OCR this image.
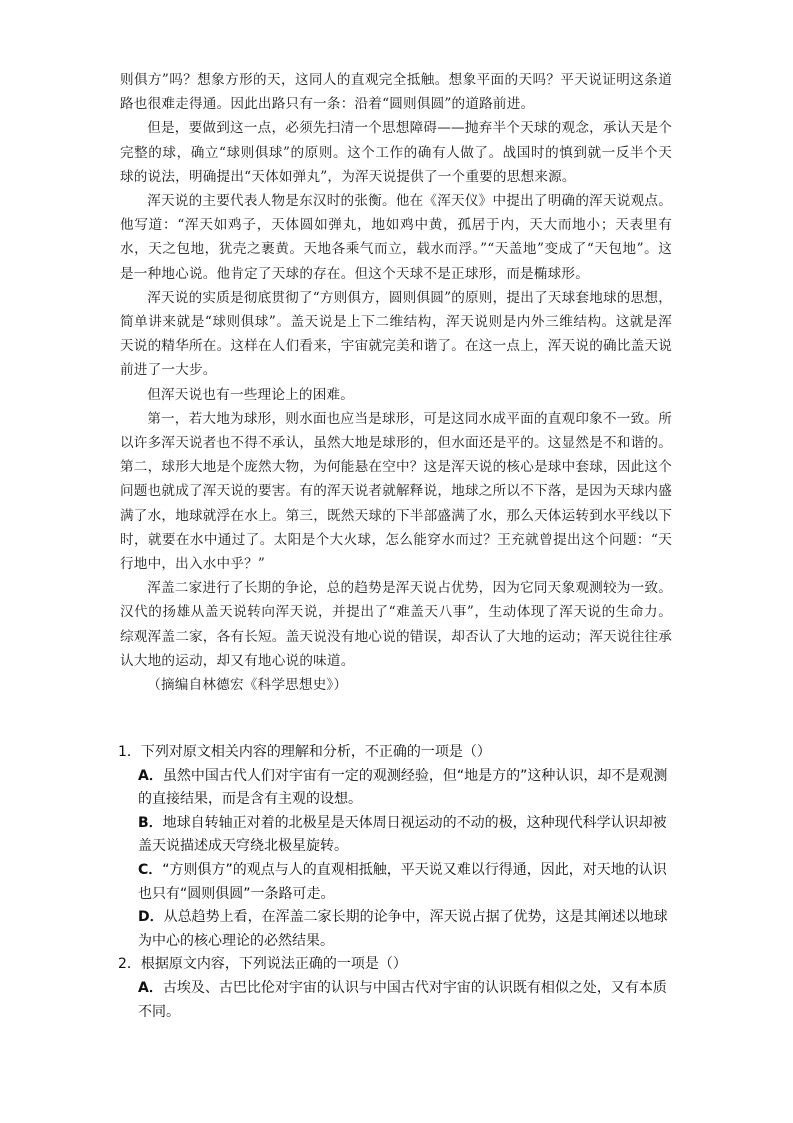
则俱方”吗？想象方形的天，这同人的直观完全抵触。想象平面的天吗？平天说证明这条道路也很难走得通。因此出路只有一条：沿着“圆则俱圆”的道路前进。

但是，要做到这一点，必须先扫清一个思想障碍——抛弃半个天球的观念，承认天是个完整的球，确立“球则俱球”的原则。这个工作的确有人做了。战国时的慎到就一反半个天球的说法，明确提出“天体如弹丸”，为浑天说提供了一个重要的思想来源。

浑天说的主要代表人物是东汉时的张衡。他在《浑天仪》中提出了明确的浑天说观点。他写道：“浑天如鸡子，天体圆如弹丸，地如鸡中黄，孤居于内，天大而地小；天表里有水，天之包地，犹壳之裹黄。天地各乘气而立，载水而浮。”“天盖地”变成了“天包地”。这是一种地心说。他肯定了天球的存在。但这个天球不是正球形，而是椭球形。

浑天说的实质是彻底贯彻了“方则俱方，圆则俱圆”的原则，提出了天球套地球的思想，简单讲来就是“球则俱球”。盖天说是上下二维结构，浑天说则是内外三维结构。这就是浑天说的精华所在。这样在人们看来，宇宙就完美和谐了。在这一点上，浑天说的确比盖天说前进了一大步。

但浑天说也有一些理论上的困难。

第一，若大地为球形，则水面也应当是球形，可是这同水成平面的直观印象不一致。所以许多浑天说者也不得不承认，虽然大地是球形的，但水面还是平的。这显然是不和谐的。第二，球形大地是个庞然大物，为何能悬在空中？这是浑天说的核心是球中套球，因此这个问题也就成了浑天说的要害。有的浑天说者就解释说，地球之所以不下落，是因为天球内盛满了水，地球就浮在水上。第三，既然天球的下半部盛满了水，那么天体运转到水平线以下时，就要在水中通过了。太阳是个大火球，怎么能穿水而过？王充就曾提出这个问题：“天行地中，出入水中乎？”

浑盖二家进行了长期的争论，总的趋势是浑天说占优势，因为它同天象观测较为一致。汉代的扬雄从盖天说转向浑天说，并提出了“难盖天八事”，生动体现了浑天说的生命力。综观浑盖二家，各有长短。盖天说没有地心说的错误，却否认了大地的运动；浑天说往往承认大地的运动，却又有地心说的味道。

（摘编自林德宏《科学思想史》）

1．下列对原文相关内容的理解和分析，不正确的一项是（）

A．虽然中国古代人们对宇宙有一定的观测经验，但“地是方的”这种认识，却不是观测的直接结果，而是含有主观的设想。

B．地球自转轴正对着的北极星是天体周日视运动的不动的极，这种现代科学认识却被盖天说描述成天穹绕北极星旋转。

C．“方则俱方”的观点与人的直观相抵触，平天说又难以行得通，因此，对天地的认识也只有“圆则俱圆”一条路可走。

D．从总趋势上看，在浑盖二家长期的论争中，浑天说占据了优势，这是其阐述以地球为中心的核心理论的必然结果。

2．根据原文内容，下列说法正确的一项是（）

A．古埃及、古巴比伦对宇宙的认识与中国古代对宇宙的认识既有相似之处，又有本质不同。
